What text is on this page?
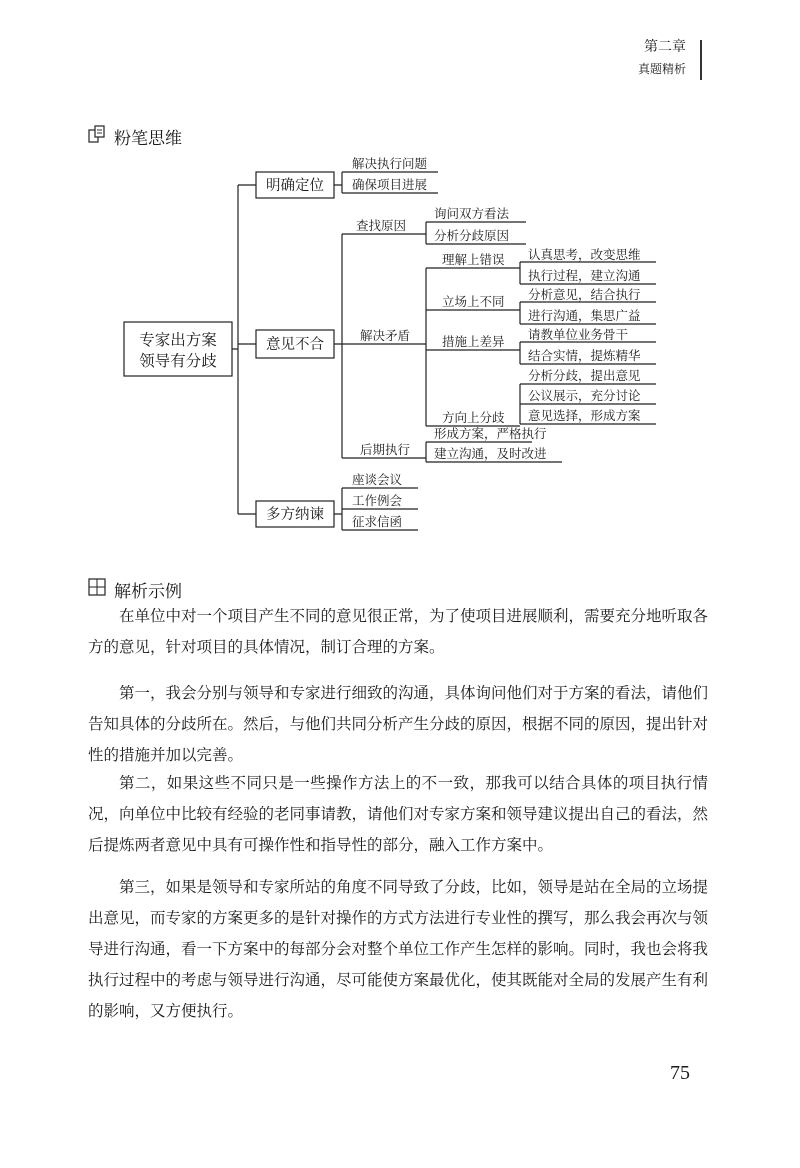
第二章
真题精析
粉笔思维
专家出方案
领导有分歧
明确定位
解决执行问题
确保项目进展
意见不合
查找原因
询问双方看法
分析分歧原因
解决矛盾
理解上错误 认真思考，改变思维
执行过程，建立沟通
立场上不同 分析意见，结合执行
进行沟通，集思广益
措施上差异 请教单位业务骨干
结合实情，提炼精华
方向上分歧
分析分歧，提出意见
公议展示，充分讨论
意见选择，形成方案
后期执行
形成方案，严格执行
建立沟通，及时改进
多方纳谏
座谈会议
工作例会
征求信函
解析示例

在单位中对一个项目产生不同的意见很正常，为了使项目进展顺利，需要充分地听取各方的意见，针对项目的具体情况，制订合理的方案。

第一，我会分别与领导和专家进行细致的沟通，具体询问他们对于方案的看法，请他们告知具体的分歧所在。然后，与他们共同分析产生分歧的原因，根据不同的原因，提出针对性的措施并加以完善。

第二，如果这些不同只是一些操作方法上的不一致，那我可以结合具体的项目执行情况，向单位中比较有经验的老同事请教，请他们对专家方案和领导建议提出自己的看法，然后提炼两者意见中具有可操作性和指导性的部分，融入工作方案中。

第三，如果是领导和专家所站的角度不同导致了分歧，比如，领导是站在全局的立场提出意见，而专家的方案更多的是针对操作的方式方法进行专业性的撰写，那么我会再次与领导进行沟通，看一下方案中的每部分会对整个单位工作产生怎样的影响。同时，我也会将我执行过程中的考虑与领导进行沟通，尽可能使方案最优化，使其既能对全局的发展产生有利的影响，又方便执行。

75
